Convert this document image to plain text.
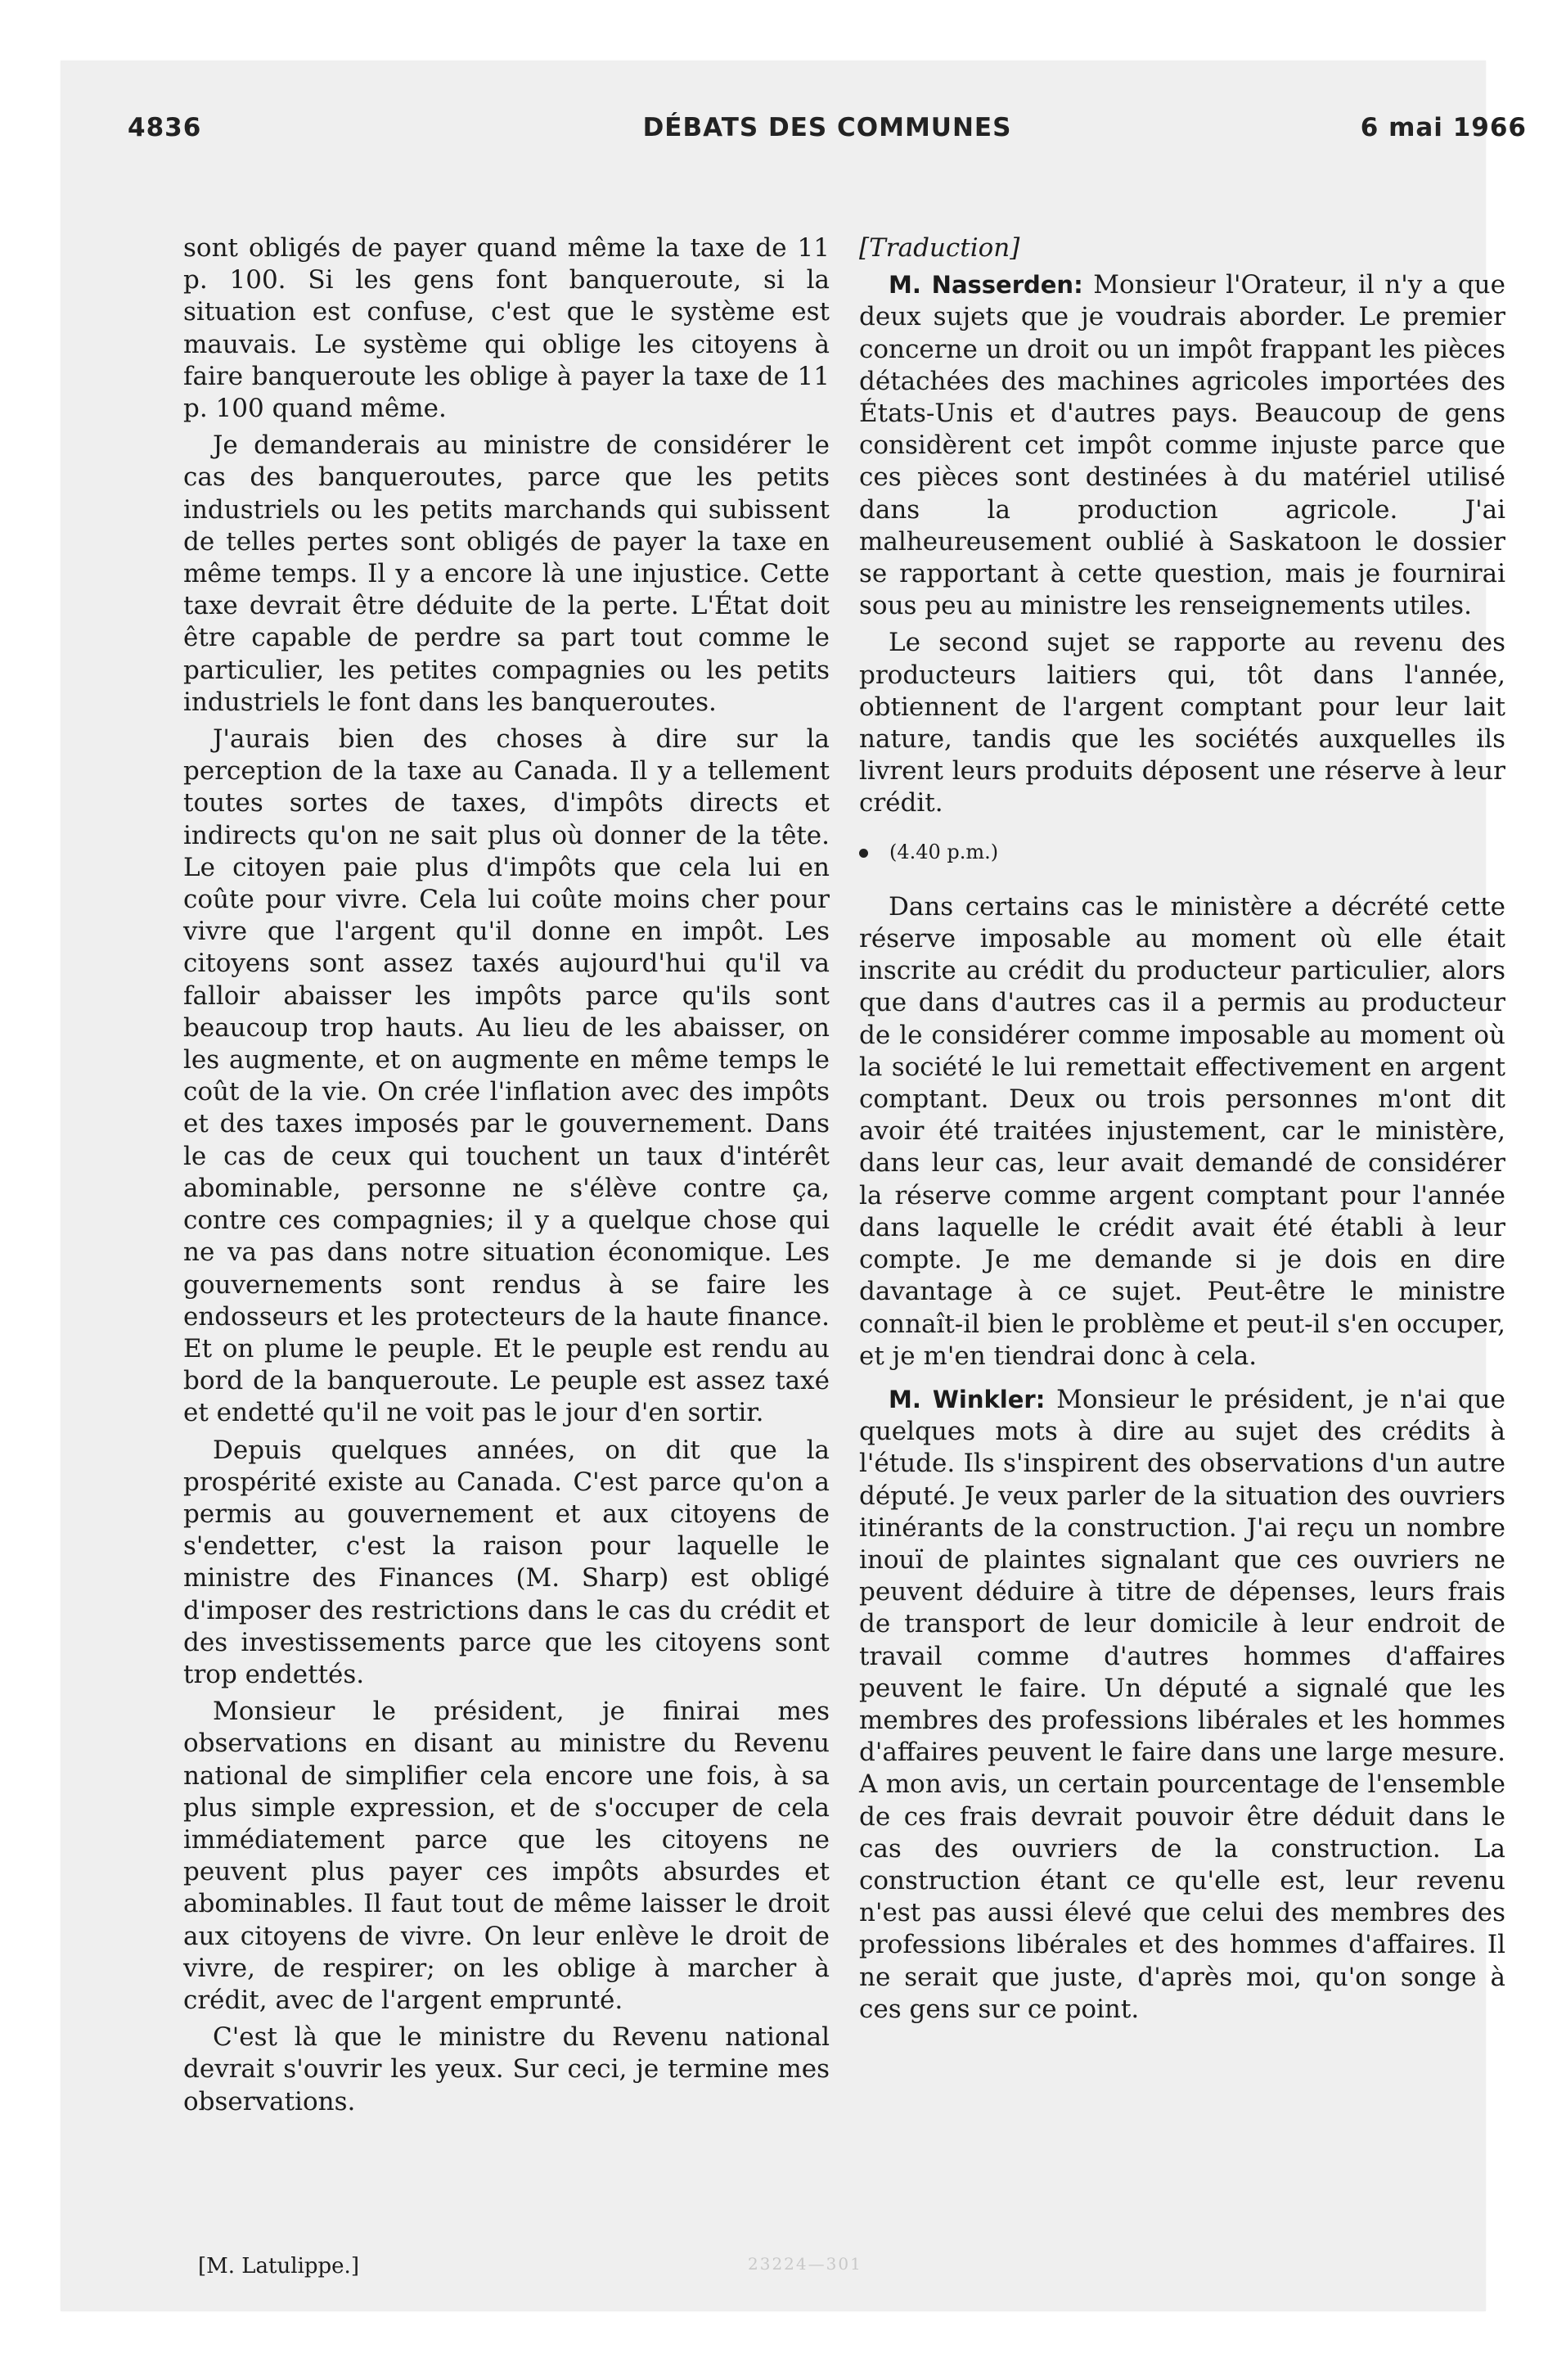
4836	DÉBATS DES COMMUNES	6 mai 1966

sont obligés de payer quand même la taxe de 11 p. 100. Si les gens font banqueroute, si la situation est confuse, c'est que le système est mauvais. Le système qui oblige les citoyens à faire banqueroute les oblige à payer la taxe de 11 p. 100 quand même.

Je demanderais au ministre de considérer le cas des banqueroutes, parce que les petits industriels ou les petits marchands qui subissent de telles pertes sont obligés de payer la taxe en même temps. Il y a encore là une injustice. Cette taxe devrait être déduite de la perte. L'État doit être capable de perdre sa part tout comme le particulier, les petites compagnies ou les petits industriels le font dans les banqueroutes.

J'aurais bien des choses à dire sur la perception de la taxe au Canada. Il y a tellement toutes sortes de taxes, d'impôts directs et indirects qu'on ne sait plus où donner de la tête. Le citoyen paie plus d'impôts que cela lui en coûte pour vivre. Cela lui coûte moins cher pour vivre que l'argent qu'il donne en impôt. Les citoyens sont assez taxés aujourd'hui qu'il va falloir abaisser les impôts parce qu'ils sont beaucoup trop hauts. Au lieu de les abaisser, on les augmente, et on augmente en même temps le coût de la vie. On crée l'inflation avec des impôts et des taxes imposés par le gouvernement. Dans le cas de ceux qui touchent un taux d'intérêt abominable, personne ne s'élève contre ça, contre ces compagnies; il y a quelque chose qui ne va pas dans notre situation économique. Les gouvernements sont rendus à se faire les endosseurs et les protecteurs de la haute finance. Et on plume le peuple. Et le peuple est rendu au bord de la banqueroute. Le peuple est assez taxé et endetté qu'il ne voit pas le jour d'en sortir.

Depuis quelques années, on dit que la prospérité existe au Canada. C'est parce qu'on a permis au gouvernement et aux citoyens de s'endetter, c'est la raison pour laquelle le ministre des Finances (M. Sharp) est obligé d'imposer des restrictions dans le cas du crédit et des investissements parce que les citoyens sont trop endettés.

Monsieur le président, je finirai mes observations en disant au ministre du Revenu national de simplifier cela encore une fois, à sa plus simple expression, et de s'occuper de cela immédiatement parce que les citoyens ne peuvent plus payer ces impôts absurdes et abominables. Il faut tout de même laisser le droit aux citoyens de vivre. On leur enlève le droit de vivre, de respirer; on les oblige à marcher à crédit, avec de l'argent emprunté.

C'est là que le ministre du Revenu national devrait s'ouvrir les yeux. Sur ceci, je termine mes observations.

[M. Latulippe.]	23224—301

[Traduction]

M. Nasserden: Monsieur l'Orateur, il n'y a que deux sujets que je voudrais aborder. Le premier concerne un droit ou un impôt frappant les pièces détachées des machines agricoles importées des États-Unis et d'autres pays. Beaucoup de gens considèrent cet impôt comme injuste parce que ces pièces sont destinées à du matériel utilisé dans la production agricole. J'ai malheureusement oublié à Saskatoon le dossier se rapportant à cette question, mais je fournirai sous peu au ministre les renseignements utiles.

Le second sujet se rapporte au revenu des producteurs laitiers qui, tôt dans l'année, obtiennent de l'argent comptant pour leur lait nature, tandis que les sociétés auxquelles ils livrent leurs produits déposent une réserve à leur crédit.

(4.40 p.m.)

Dans certains cas le ministère a décrété cette réserve imposable au moment où elle était inscrite au crédit du producteur particulier, alors que dans d'autres cas il a permis au producteur de le considérer comme imposable au moment où la société le lui remettait effectivement en argent comptant. Deux ou trois personnes m'ont dit avoir été traitées injustement, car le ministère, dans leur cas, leur avait demandé de considérer la réserve comme argent comptant pour l'année dans laquelle le crédit avait été établi à leur compte. Je me demande si je dois en dire davantage à ce sujet. Peut-être le ministre connaît-il bien le problème et peut-il s'en occuper, et je m'en tiendrai donc à cela.

M. Winkler: Monsieur le président, je n'ai que quelques mots à dire au sujet des crédits à l'étude. Ils s'inspirent des observations d'un autre député. Je veux parler de la situation des ouvriers itinérants de la construction. J'ai reçu un nombre inouï de plaintes signalant que ces ouvriers ne peuvent déduire à titre de dépenses, leurs frais de transport de leur domicile à leur endroit de travail comme d'autres hommes d'affaires peuvent le faire. Un député a signalé que les membres des professions libérales et les hommes d'affaires peuvent le faire dans une large mesure. A mon avis, un certain pourcentage de l'ensemble de ces frais devrait pouvoir être déduit dans le cas des ouvriers de la construction. La construction étant ce qu'elle est, leur revenu n'est pas aussi élevé que celui des membres des professions libérales et des hommes d'affaires. Il ne serait que juste, d'après moi, qu'on songe à ces gens sur ce point.
